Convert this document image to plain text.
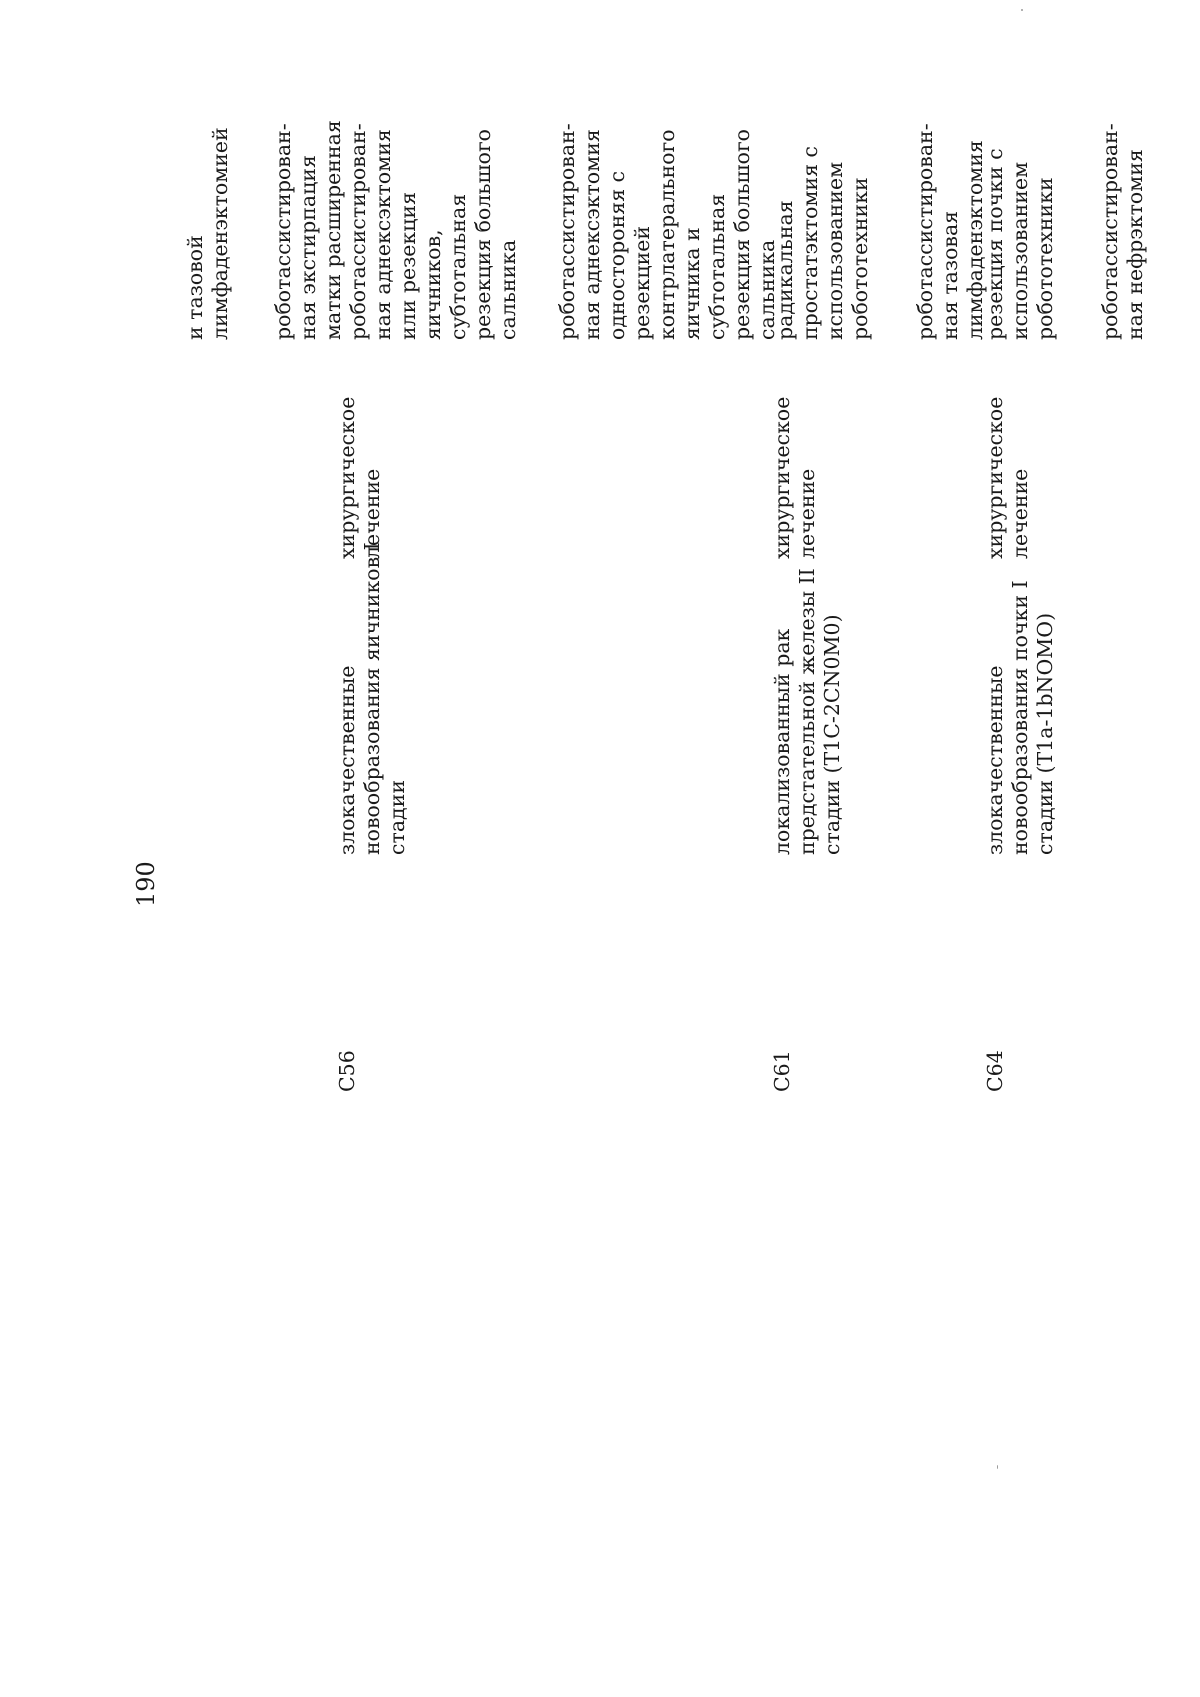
190
и тазовой
лимфаденэктомией роботассистирован-
ная экстирпация
матки расширенная
C56
злокачественные
новообразования яичников I
стадии
хирургическое
лечение
роботассистирован-
ная аднексэктомия
или резекция
яичников,
субтотальная
резекция большого
сальника роботассистирован-
ная аднексэктомия
одностороняя с
резекцией
контрлатерального
яичника и
субтотальная
резекция большого
сальника
C61
локализованный рак
предстательной железы II
стадии (T1C-2CN0M0)
хирургическое
лечение
радикальная
простатэктомия с
использованием
робототехники роботассистирован-
ная тазовая
лимфаденэктомия
C64
злокачественные
новообразования почки I
стадии (T1a-1bNOMO)
хирургическое
лечение
резекция почки с
использованием
робототехники роботассистирован-
ная нефрэктомия
